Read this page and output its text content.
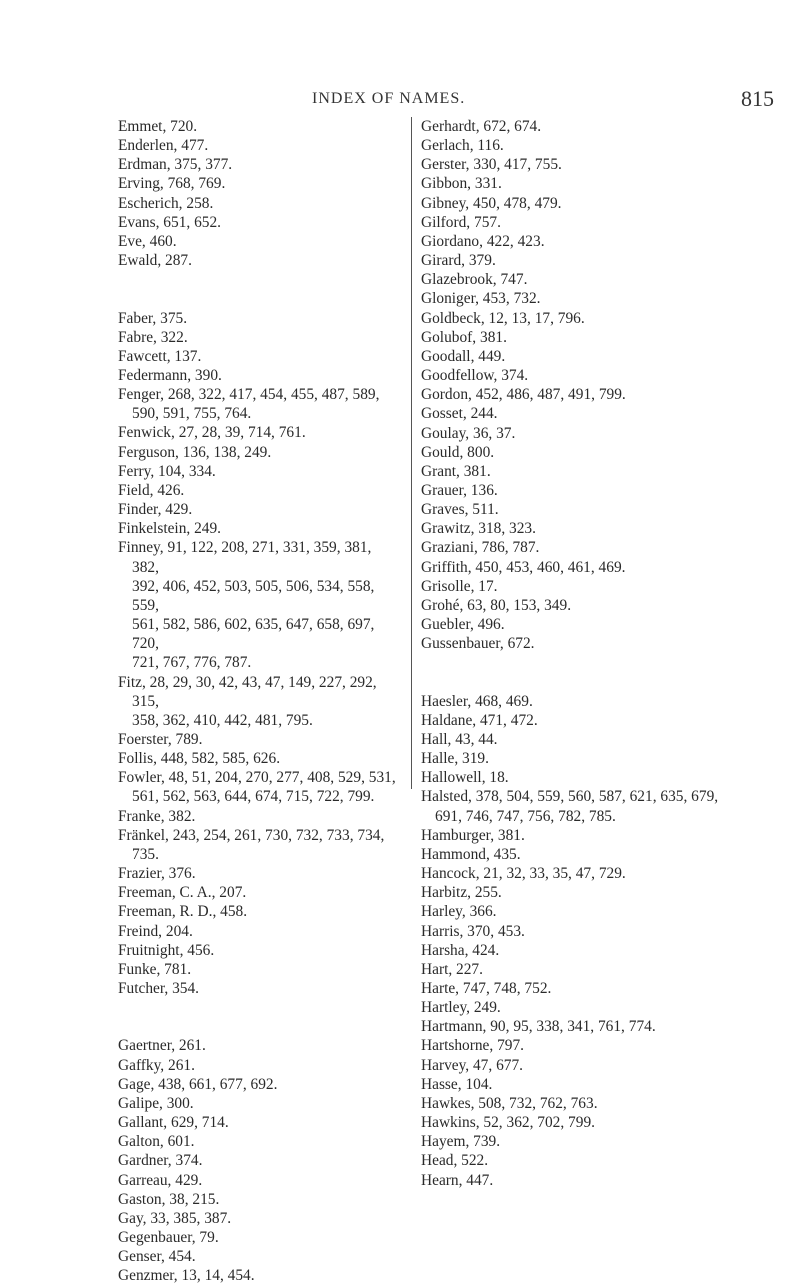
INDEX OF NAMES.	815

Emmet, 720.

Enderlen, 477.

Erdman, 375, 377.

Erving, 768, 769.

Escherich, 258.

Evans, 651, 652.

Eve, 460.

Ewald, 287.

Faber, 375.

Fabre, 322.

Fawcett, 137.

Federmann, 390.

Fenger, 268, 322, 417, 454, 455, 487, 589,
590, 591, 755, 764.

Fenwick, 27, 28, 39, 714, 761.

Ferguson, 136, 138, 249.

Ferry, 104, 334.

Field, 426.

Finder, 429.

Finkelstein, 249.

Finney, 91, 122, 208, 271, 331, 359, 381, 382,
392, 406, 452, 503, 505, 506, 534, 558, 559,
561, 582, 586, 602, 635, 647, 658, 697, 720,
721, 767, 776, 787.

Fitz, 28, 29, 30, 42, 43, 47, 149, 227, 292, 315,
358, 362, 410, 442, 481, 795.

Foerster, 789.

Follis, 448, 582, 585, 626.

Fowler, 48, 51, 204, 270, 277, 408, 529, 531,
561, 562, 563, 644, 674, 715, 722, 799.

Franke, 382.

Fränkel, 243, 254, 261, 730, 732, 733, 734, 735.

Frazier, 376.

Freeman, C. A., 207.

Freeman, R. D., 458.

Freind, 204.

Fruitnight, 456.

Funke, 781.

Futcher, 354.

Gaertner, 261.

Gaffky, 261.

Gage, 438, 661, 677, 692.

Galipe, 300.

Gallant, 629, 714.

Galton, 601.

Gardner, 374.

Garreau, 429.

Gaston, 38, 215.

Gay, 33, 385, 387.

Gegenbauer, 79.

Genser, 454.

Genzmer, 13, 14, 454.

Gerhardt, 672, 674.

Gerlach, 116.

Gerster, 330, 417, 755.

Gibbon, 331.

Gibney, 450, 478, 479.

Gilford, 757.

Giordano, 422, 423.

Girard, 379.

Glazebrook, 747.

Gloniger, 453, 732.

Goldbeck, 12, 13, 17, 796.

Golubof, 381.

Goodall, 449.

Goodfellow, 374.

Gordon, 452, 486, 487, 491, 799.

Gosset, 244.

Goulay, 36, 37.

Gould, 800.

Grant, 381.

Grauer, 136.

Graves, 511.

Grawitz, 318, 323.

Graziani, 786, 787.

Griffith, 450, 453, 460, 461, 469.

Grisolle, 17.

Grohé, 63, 80, 153, 349.

Guebler, 496.

Gussenbauer, 672.

Haesler, 468, 469.

Haldane, 471, 472.

Hall, 43, 44.

Halle, 319.

Hallowell, 18.

Halsted, 378, 504, 559, 560, 587, 621, 635, 679,
691, 746, 747, 756, 782, 785.

Hamburger, 381.

Hammond, 435.

Hancock, 21, 32, 33, 35, 47, 729.

Harbitz, 255.

Harley, 366.

Harris, 370, 453.

Harsha, 424.

Hart, 227.

Harte, 747, 748, 752.

Hartley, 249.

Hartmann, 90, 95, 338, 341, 761, 774.

Hartshorne, 797.

Harvey, 47, 677.

Hasse, 104.

Hawkes, 508, 732, 762, 763.

Hawkins, 52, 362, 702, 799.

Hayem, 739.

Head, 522.

Hearn, 447.
